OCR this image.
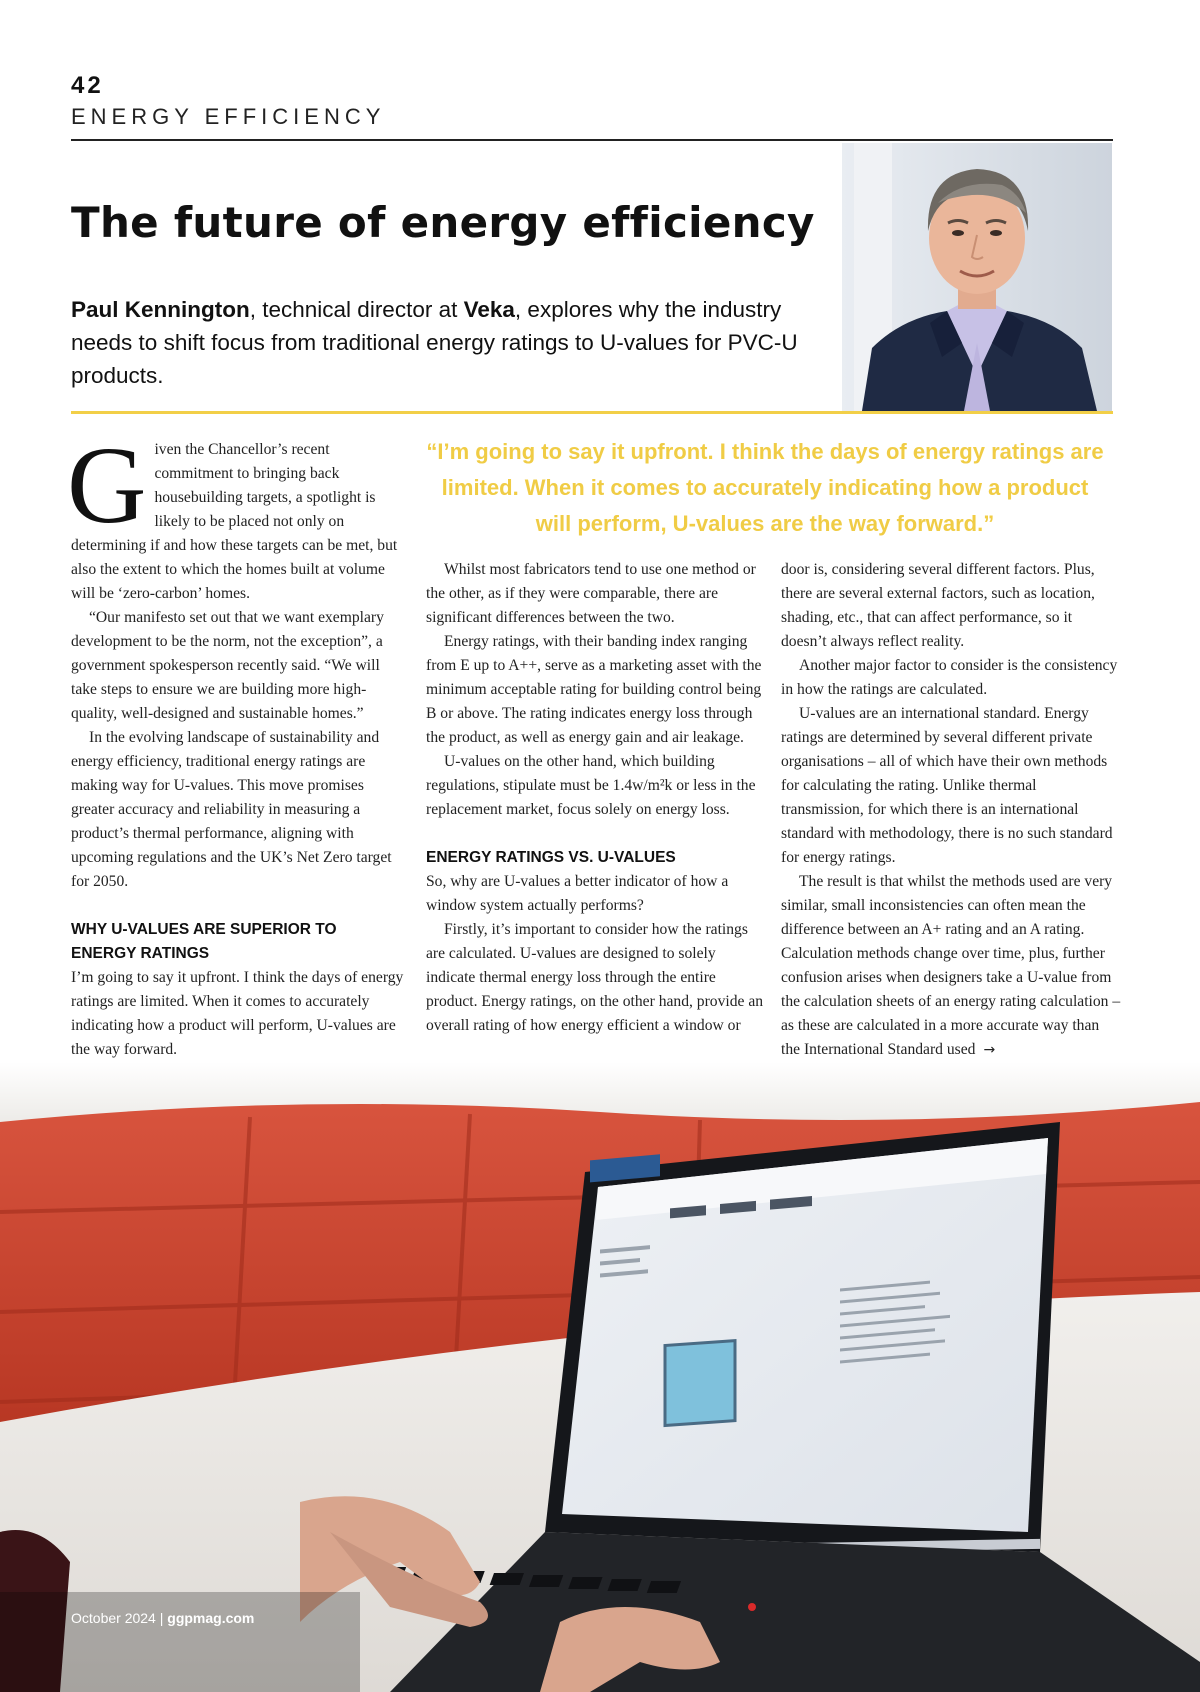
42
ENERGY EFFICIENCY
The future of energy efficiency

Paul Kennington, technical director at Veka, explores why the industry needs to shift focus from traditional energy ratings to U-values for PVC-U products.

“I’m going to say it upfront. I think the days of energy ratings are limited. When it comes to accurately indicating how a product will perform, U-values are the way forward.”

Given the Chancellor’s recent commitment to bringing back housebuilding targets, a spotlight is likely to be placed not only on determining if and how these targets can be met, but also the extent to which the homes built at volume will be ‘zero-carbon’ homes.

“Our manifesto set out that we want exemplary development to be the norm, not the exception”, a government spokesperson recently said. “We will take steps to ensure we are building more high-quality, well-designed and sustainable homes.”

In the evolving landscape of sustainability and energy efficiency, traditional energy ratings are making way for U-values. This move promises greater accuracy and reliability in measuring a product’s thermal performance, aligning with upcoming regulations and the UK’s Net Zero target for 2050.

WHY U-VALUES ARE SUPERIOR TO ENERGY RATINGS

I’m going to say it upfront. I think the days of energy ratings are limited. When it comes to accurately indicating how a product will perform, U-values are the way forward.

Whilst most fabricators tend to use one method or the other, as if they were comparable, there are significant differences between the two.

Energy ratings, with their banding index ranging from E up to A++, serve as a marketing asset with the minimum acceptable rating for building control being B or above. The rating indicates energy loss through the product, as well as energy gain and air leakage.

U-values on the other hand, which building regulations, stipulate must be 1.4w/m²k or less in the replacement market, focus solely on energy loss.

ENERGY RATINGS VS. U-VALUES

So, why are U-values a better indicator of how a window system actually performs?

Firstly, it’s important to consider how the ratings are calculated. U-values are designed to solely indicate thermal energy loss through the entire product. Energy ratings, on the other hand, provide an overall rating of how energy efficient a window or

door is, considering several different factors. Plus, there are several external factors, such as location, shading, etc., that can affect performance, so it doesn’t always reflect reality.

Another major factor to consider is the consistency in how the ratings are calculated.

U-values are an international standard. Energy ratings are determined by several different private organisations – all of which have their own methods for calculating the rating. Unlike thermal transmission, for which there is an international standard with methodology, there is no such standard for energy ratings.

The result is that whilst the methods used are very similar, small inconsistencies can often mean the difference between an A+ rating and an A rating. Calculation methods change over time, plus, further confusion arises when designers take a U-value from the calculation sheets of an energy rating calculation – as these are calculated in a more accurate way than the International Standard used →

October 2024 | ggpmag.com
